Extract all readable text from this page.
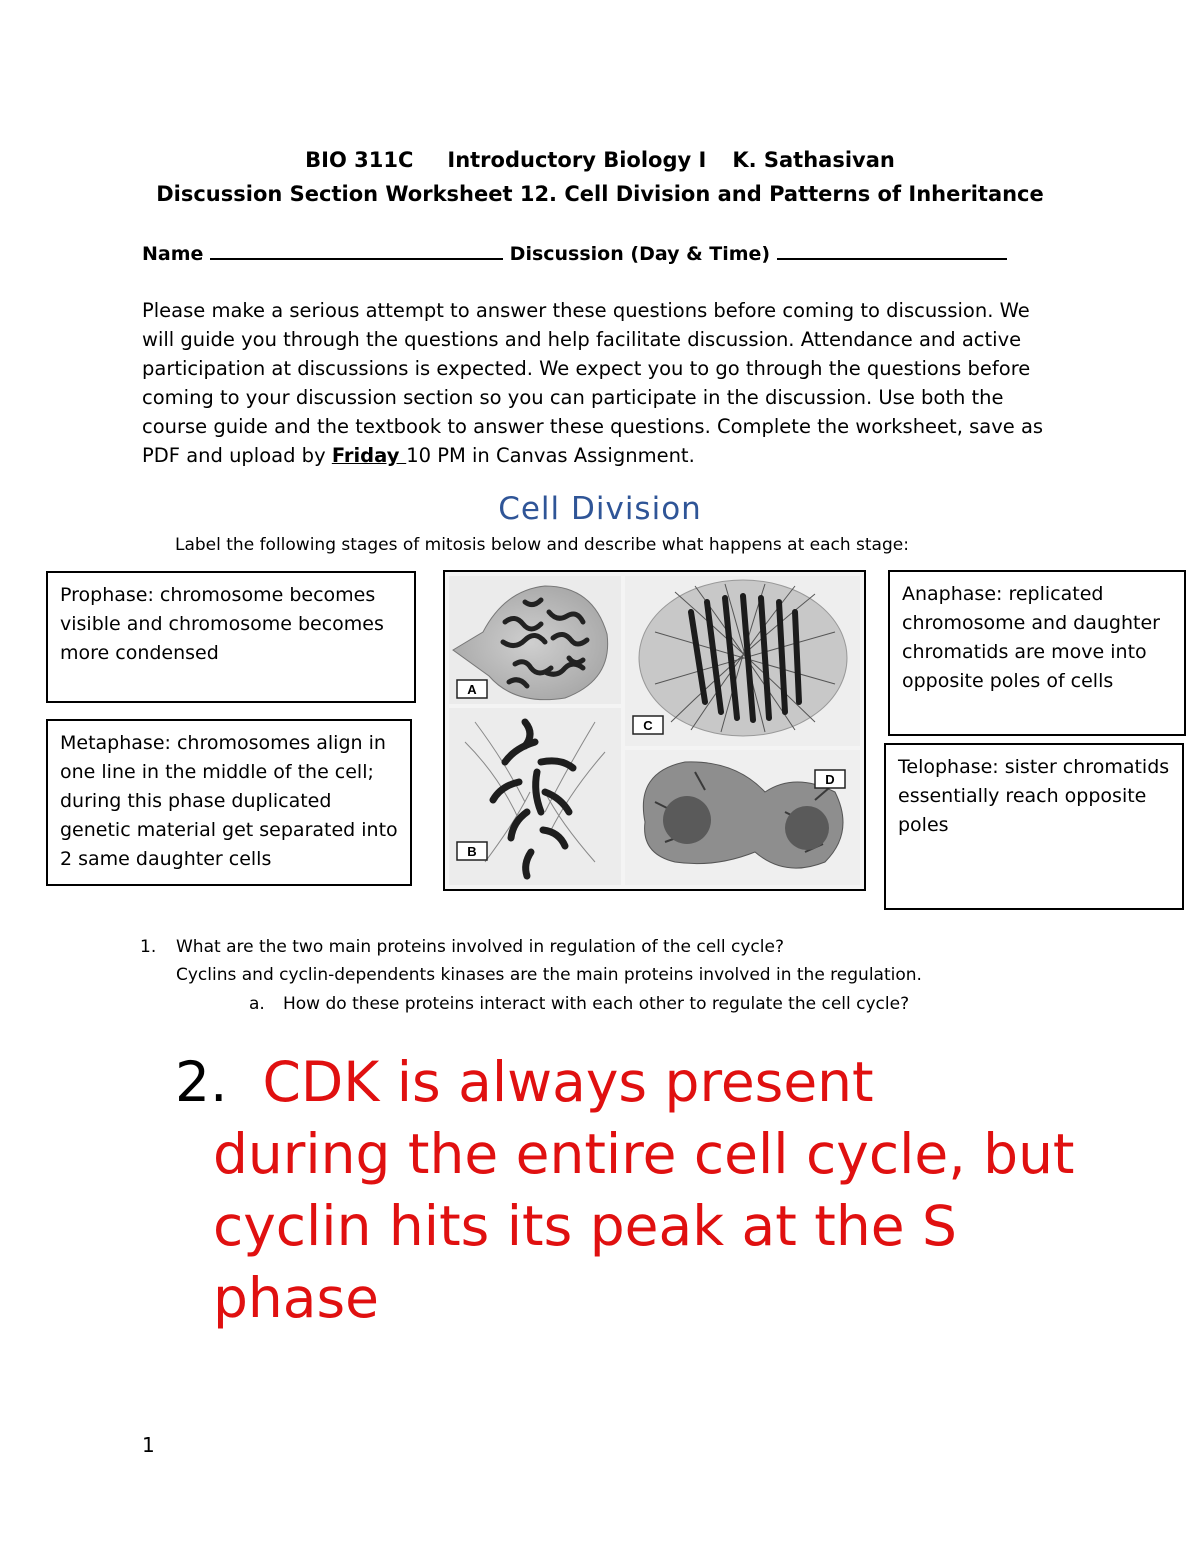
BIO 311C Introductory Biology I K. Sathasivan
Discussion Section Worksheet 12. Cell Division and Patterns of Inheritance
Name	Discussion (Day & Time)
Please make a serious attempt to answer these questions before coming to discussion. We will guide you through the questions and help facilitate discussion. Attendance and active participation at discussions is expected. We expect you to go through the questions before coming to your discussion section so you can participate in the discussion. Use both the course guide and the textbook to answer these questions. Complete the worksheet, save as PDF and upload by Friday 10 PM in Canvas Assignment.
Cell Division
Label the following stages of mitosis below and describe what happens at each stage:
Prophase: chromosome becomes visible and chromosome becomes more condensed
Metaphase: chromosomes align in one line in the middle of the cell; during this phase duplicated genetic material get separated into 2 same daughter cells
Anaphase: replicated chromosome and daughter chromatids are move into opposite poles of cells
Telophase: sister chromatids essentially reach opposite poles
A
B
C
D
1. What are the two main proteins involved in regulation of the cell cycle?
Cyclins and cyclin-dependents kinases are the main proteins involved in the regulation.
a. How do these proteins interact with each other to regulate the cell cycle?
2. CDK is always present
during the entire cell cycle, but cyclin hits its peak at the S phase
1
